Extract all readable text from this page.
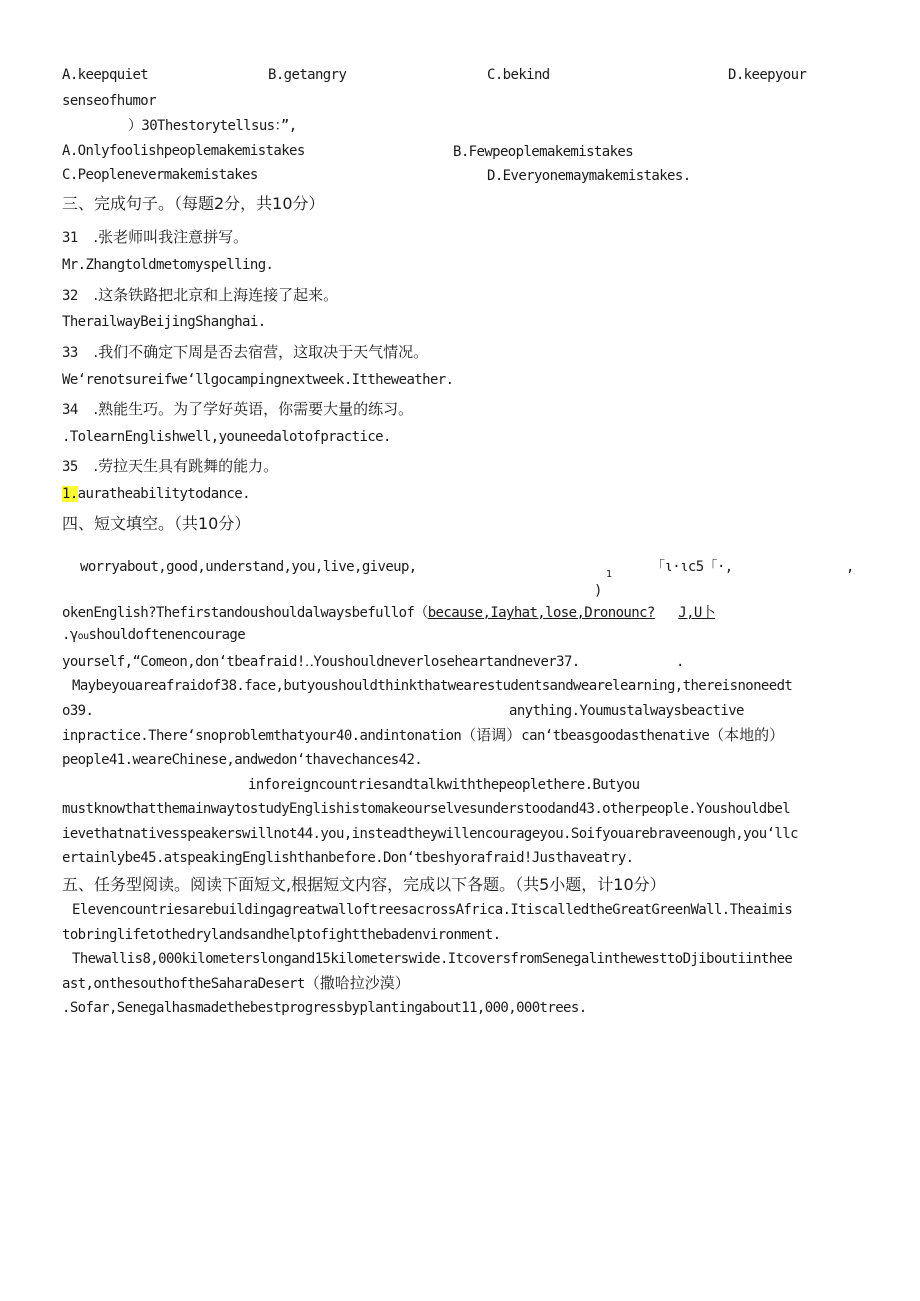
A.keepquiet	B.getangry	C.bekind	D.keepyour
senseofhumor
）30Thestorytellsus：”,
A.Onlyfoolishpeoplemakemistakes	B.Fewpeoplemakemistakes
C.Peoplenevermakemistakes	D.Everyonemaymakemistakes.
三、完成句子。（每题2分，共10分）
31 .张老师叫我注意拼写。
Mr.Zhangtoldmetomyspelling.
32 .这条铁路把北京和上海连接了起来。
TherailwayBeijingShanghai.
33 .我们不确定下周是否去宿营，这取决于天气情况。
We‘renotsureifwe‘llgocampingnextweek.Ittheweather.
34 .熟能生巧。为了学好英语，你需要大量的练习。
.TolearnEnglishwell,youneedalotofpractice.
35 .劳拉天生具有跳舞的能力。
1.auratheabilitytodance.
四、短文填空。（共10分）
worryabout,good,understand,you,live,giveup,	1	「ι·ιc5「·,	,
)
okenEnglish?Thefirstandoushouldalwaysbefullof（because,Iayhat,lose,Dronounc? J,U卜
.γoushouldoftenencourage
yourself,“Comeon,don‘tbeafraid!‥Youshouldneverloseheartandnever37.	.
Maybeyouareafraidof38.face,butyoushouldthinkthatwearestudentsandwearelearning,thereisnoneedt
o39.	anything.Youmustalwaysbeactive
inpractice.There‘snoproblemthatyour40.andintonation（语调）can‘tbeasgoodasthenative（本地的）
people41.weareChinese,andwedon‘thavechances42.
inforeigncountriesandtalkwiththepeoplethere.Butyou
mustknowthatthemainwaytostudyEnglishistomakeourselvesunderstoodand43.otherpeople.Youshouldbel
ievethatnativesspeakerswillnot44.you,insteadtheywillencourageyou.Soifyouarebraveenough,you‘llc
ertainlybe45.atspeakingEnglishthanbefore.Don‘tbeshyorafraid!Justhaveatry.
五、任务型阅读。阅读下面短文,根据短文内容，完成以下各题。（共5小题，计10分）
ElevencountriesarebuildingagreatwalloftreesacrossAfrica.ItiscalledtheGreatGreenWall.Theaimis
tobringlifetothedrylandsandhelptofightthebadenvironment.
Thewallis8,000kilometerslongand15kilometerswide.ItcoversfromSenegalinthewesttoDjiboutiinthee
ast,onthesouthoftheSaharaDesert（撒哈拉沙漠）
.Sofar,Senegalhasmadethebestprogressbyplantingabout11,000,000trees.
